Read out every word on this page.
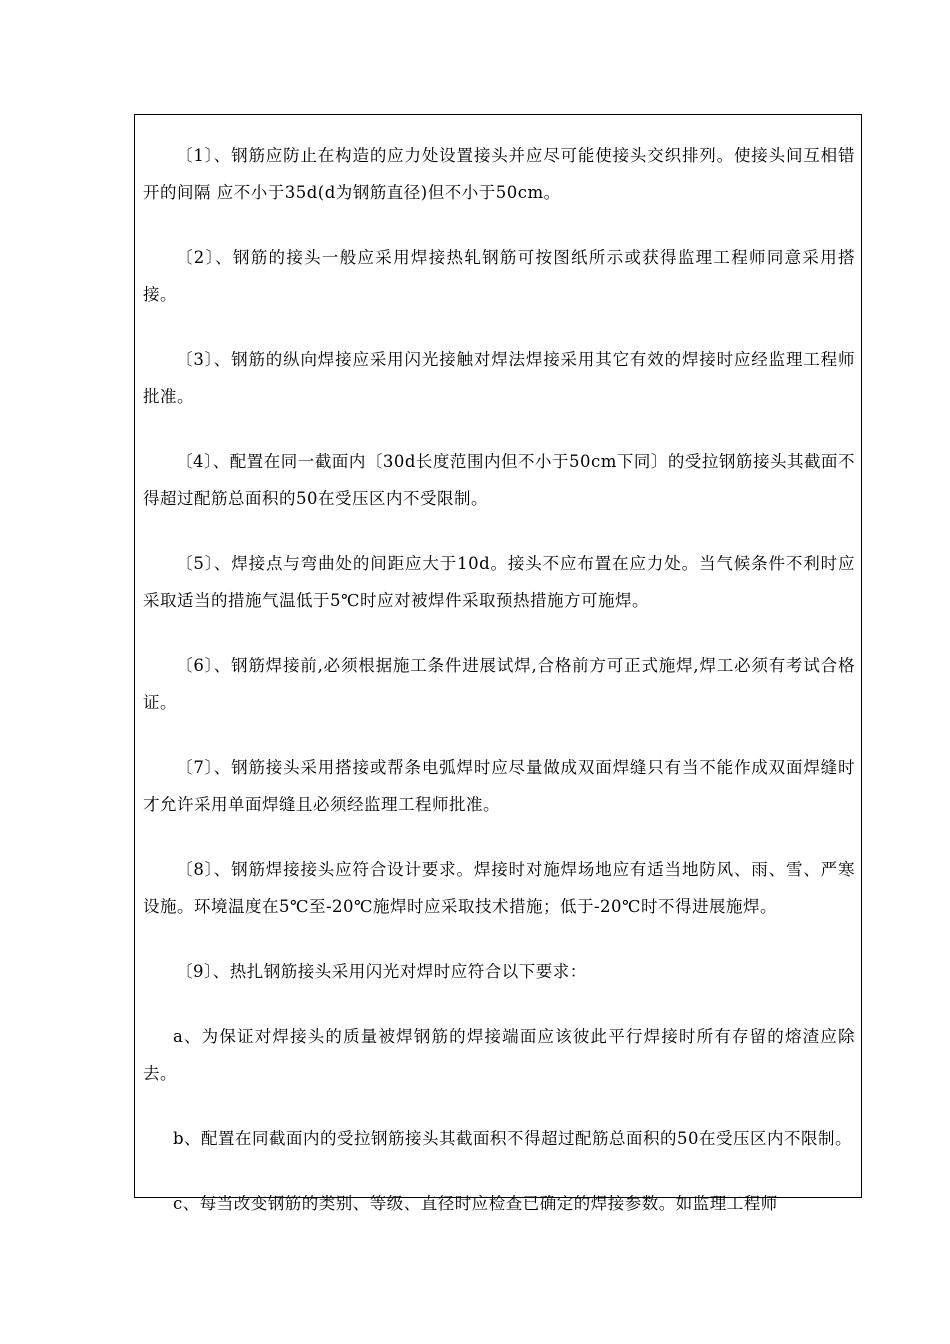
〔1〕、钢筋应防止在构造的应力处设置接头并应尽可能使接头交织排列。使接头间互相错开的间隔 应不小于35d(d为钢筋直径)但不小于50cm。

〔2〕、钢筋的接头一般应采用焊接热轧钢筋可按图纸所示或获得监理工程师同意采用搭接。

〔3〕、钢筋的纵向焊接应采用闪光接触对焊法焊接采用其它有效的焊接时应经监理工程师批准。

〔4〕、配置在同一截面内〔30d长度范围内但不小于50cm下同〕的受拉钢筋接头其截面不得超过配筋总面积的50在受压区内不受限制。

〔5〕、焊接点与弯曲处的间距应大于10d。接头不应布置在应力处。当气候条件不利时应采取适当的措施气温低于5℃时应对被焊件采取预热措施方可施焊。

〔6〕、钢筋焊接前,必须根据施工条件进展试焊,合格前方可正式施焊,焊工必须有考试合格证。

〔7〕、钢筋接头采用搭接或帮条电弧焊时应尽量做成双面焊缝只有当不能作成双面焊缝时才允许采用单面焊缝且必须经监理工程师批准。

〔8〕、钢筋焊接接头应符合设计要求。焊接时对施焊场地应有适当地防风、雨、雪、严寒设施。环境温度在5℃至-20℃施焊时应采取技术措施；低于-20℃时不得进展施焊。

〔9〕、热扎钢筋接头采用闪光对焊时应符合以下要求：

a、为保证对焊接头的质量被焊钢筋的焊接端面应该彼此平行焊接时所有存留的熔渣应除去。

b、配置在同截面内的受拉钢筋接头其截面积不得超过配筋总面积的50在受压区内不限制。

c、每当改变钢筋的类别、等级、直径时应检查已确定的焊接参数。如监理工程师
